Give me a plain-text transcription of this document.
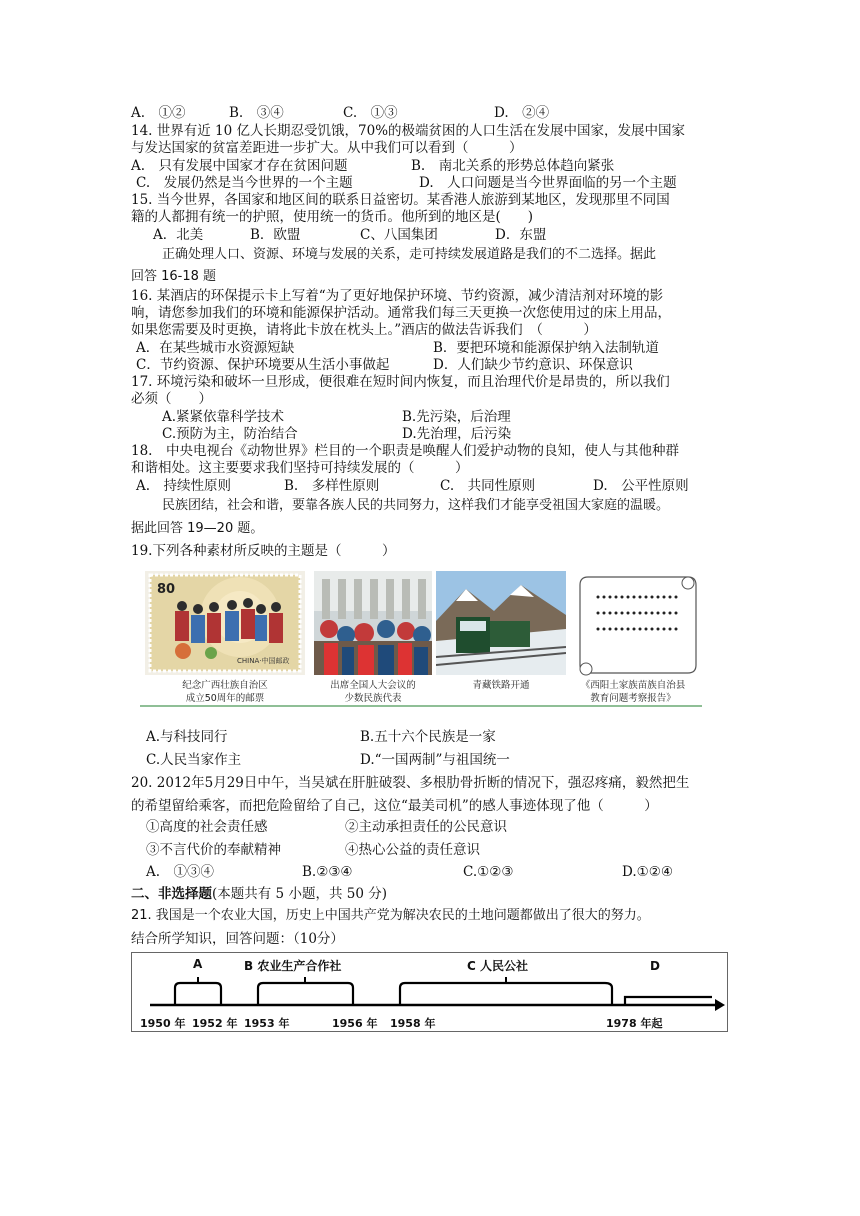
A.　①②	B.　③④	C.　①③	D.　②④
14. 世界有近 10 亿人长期忍受饥饿，70%的极端贫困的人口生活在发展中国家，发展中国家
与发达国家的贫富差距进一步扩大。从中我们可以看到（　　　）
A.　只有发展中国家才存在贫困问题	B.　南北关系的形势总体趋向紧张
C.　发展仍然是当今世界的一个主题	D.　人口问题是当今世界面临的另一个主题
15. 当今世界，各国家和地区间的联系日益密切。某香港人旅游到某地区，发现那里不同国
籍的人都拥有统一的护照，使用统一的货币。他所到的地区是(　　)
A．北美	B．欧盟	C、八国集团	D．东盟
正确处理人口、资源、环境与发展的关系，走可持续发展道路是我们的不二选择。据此
回答 16-18 题
16. 某酒店的环保提示卡上写着“为了更好地保护环境、节约资源，减少清洁剂对环境的影
响，请您参加我们的环境和能源保护活动。通常我们每三天更换一次您使用过的床上用品，
如果您需要及时更换，请将此卡放在枕头上。”酒店的做法告诉我们　（　　　）
A．在某些城市水资源短缺	B．要把环境和能源保护纳入法制轨道
C．节约资源、保护环境要从生活小事做起	D．人们缺少节约意识、环保意识
17. 环境污染和破坏一旦形成，便很难在短时间内恢复，而且治理代价是昂贵的，所以我们
必须（　　）
A.紧紧依靠科学技术	B.先污染，后治理
C.预防为主，防治结合	D.先治理，后污染
18.　中央电视台《动物世界》栏目的一个职责是唤醒人们爱护动物的良知，使人与其他种群
和谐相处。这主要要求我们坚持可持续发展的（　　　）
A.　持续性原则	B.　多样性原则	C.　共同性原则	D.　公平性原则
民族团结，社会和谐，要靠各族人民的共同努力，这样我们才能享受祖国大家庭的温暖。
据此回答 19—20 题。
19.下列各种素材所反映的主题是（　　　）
80
CHINA·中国邮政
纪念广西壮族自治区
成立50周年的邮票
出席全国人大会议的
少数民族代表
青藏铁路开通	《西阳土家族苗族自治县
教育问题考察报告》
A.与科技同行	B.五十六个民族是一家
C.人民当家作主	D.“一国两制”与祖国统一
20. 2012年5月29日中午，当吴斌在肝脏破裂、多根肋骨折断的情况下，强忍疼痛，毅然把生
的希望留给乘客，而把危险留给了自己，这位“最美司机”的感人事迹体现了他（　　　）
①高度的社会责任感	②主动承担责任的公民意识
③不言代价的奉献精神	④热心公益的责任意识
A.　①③④	B.②③④	C.①②③	D.①②④
二、非选择题(本题共有 5 小题，共 50 分)
21. 我国是一个农业大国，历史上中国共产党为解决农民的土地问题都做出了很大的努力。
结合所学知识，回答问题：（10分）
A	B 农业生产合作社	C 人民公社	D
1950 年 1952 年 1953 年	1956 年 1958 年	1978 年起
